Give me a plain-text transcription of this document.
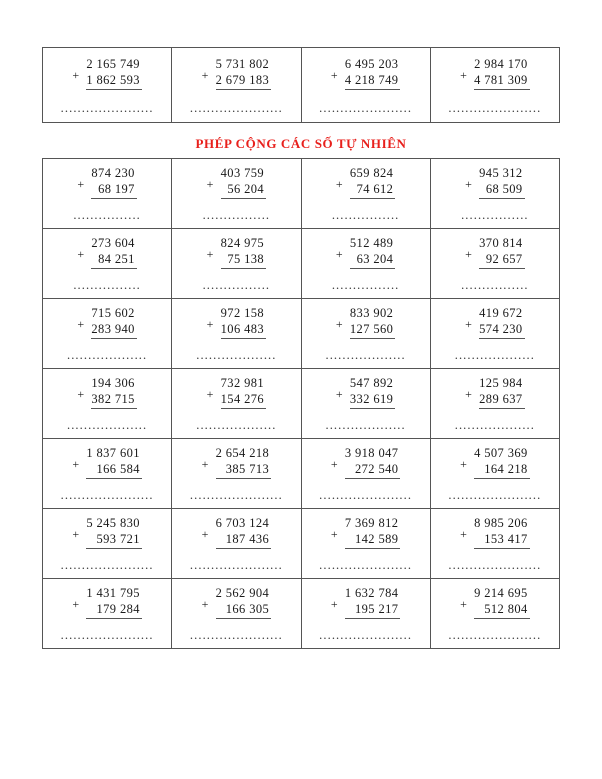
+
2 165 749
1 862 593
......................

+
5 731 802
2 679 183
......................

+
6 495 203
4 218 749
......................

+
2 984 170
4 781 309
......................
PHÉP CỘNG CÁC SỐ TỰ NHIÊN
+
874 230
68 197
................

+
403 759
56 204
................

+
659 824
74 612
................

+
945 312
68 509
................

+
273 604
84 251
................

+
824 975
75 138
................

+
512 489
63 204
................

+
370 814
92 657
................

+
715 602
283 940
...................

+
972 158
106 483
...................

+
833 902
127 560
...................

+
419 672
574 230
...................

+
194 306
382 715
...................

+
732 981
154 276
...................

+
547 892
332 619
...................

+
125 984
289 637
...................

+
1 837 601
166 584
......................

+
2 654 218
385 713
......................

+
3 918 047
272 540
......................

+
4 507 369
164 218
......................

+
5 245 830
593 721
......................

+
6 703 124
187 436
......................

+
7 369 812
142 589
......................

+
8 985 206
153 417
......................

+
1 431 795
179 284
......................

+
2 562 904
166 305
......................

+
1 632 784
195 217
......................

+
9 214 695
512 804
......................
